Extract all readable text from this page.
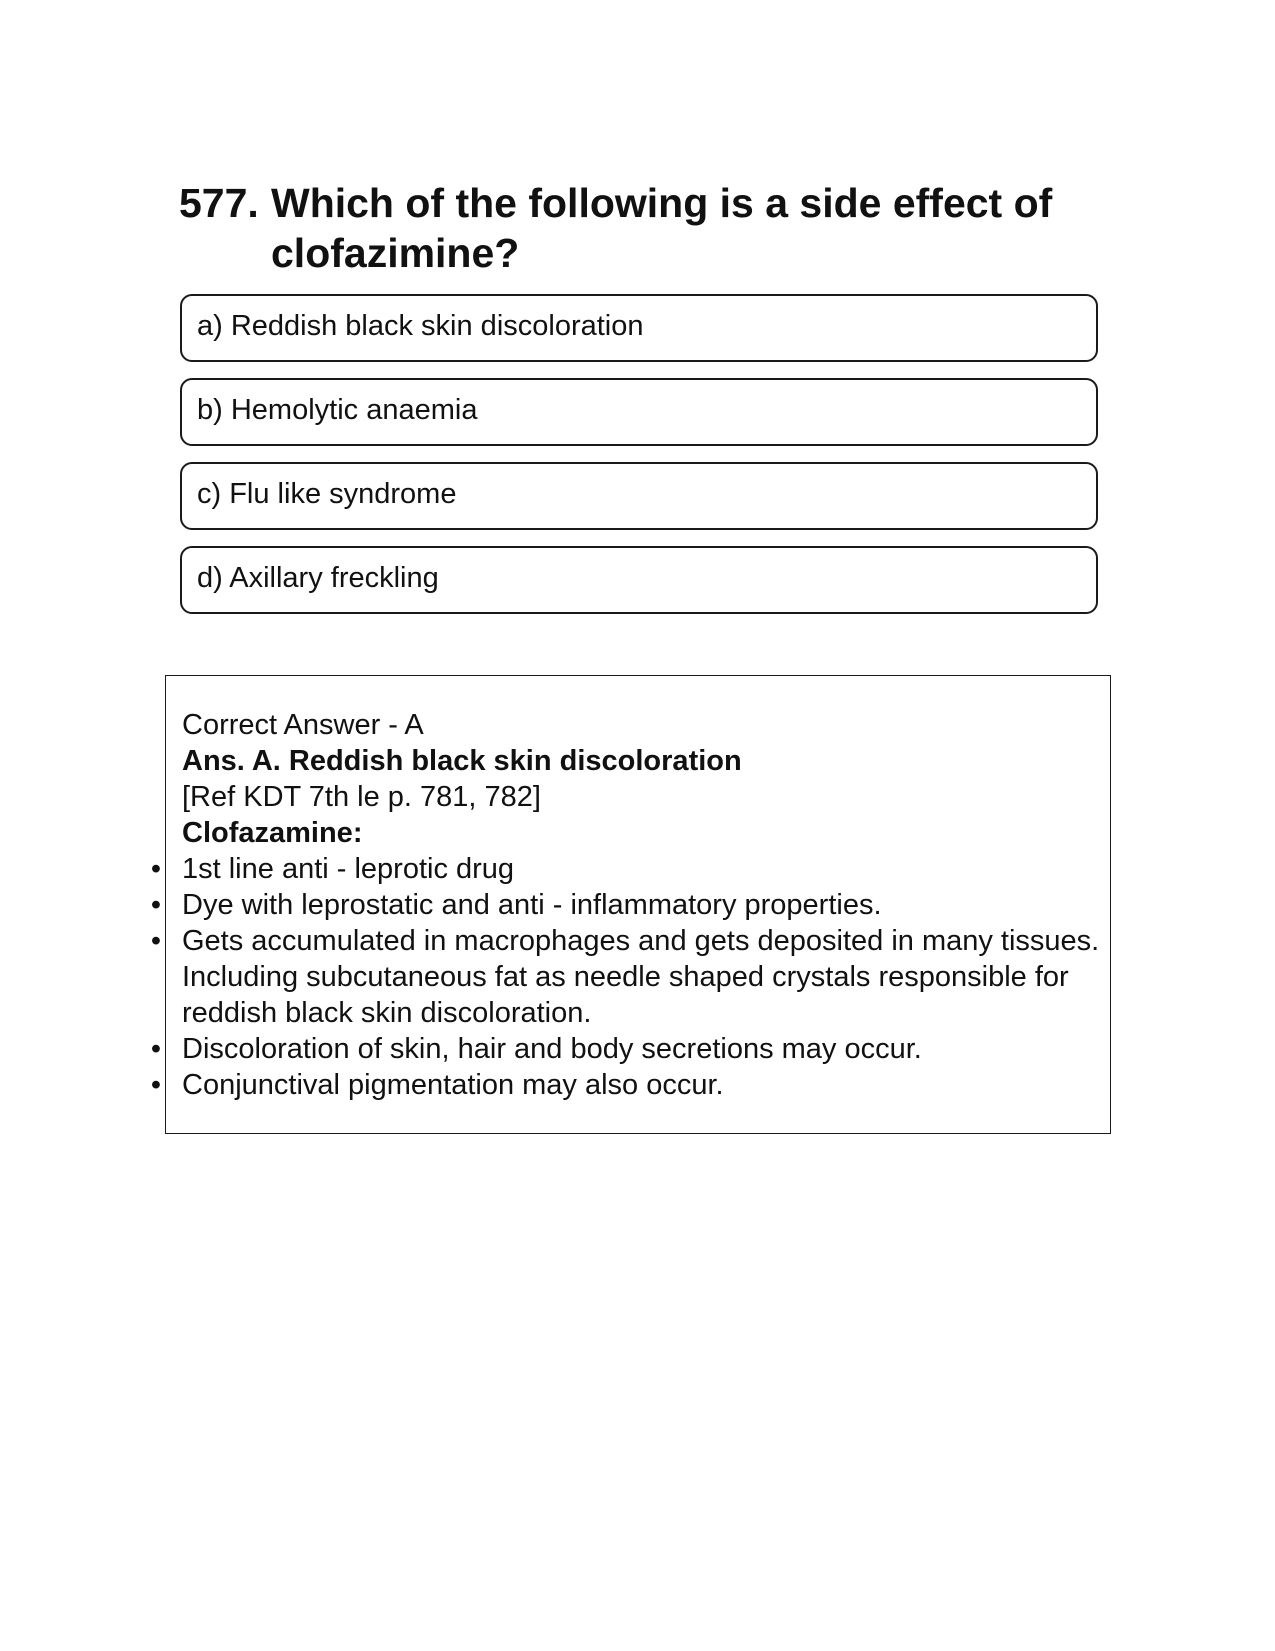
577. Which of the following is a side effect of clofazimine?
a) Reddish black skin discoloration
b) Hemolytic anaemia
c) Flu like syndrome
d) Axillary freckling
Correct Answer - A
Ans. A. Reddish black skin discoloration
[Ref KDT 7th le p. 781, 782]
Clofazamine:
• 1st line anti - leprotic drug
• Dye with leprostatic and anti - inflammatory properties.
• Gets accumulated in macrophages and gets deposited in many tissues. Including subcutaneous fat as needle shaped crystals responsible for reddish black skin discoloration.
• Discoloration of skin, hair and body secretions may occur.
• Conjunctival pigmentation may also occur.
